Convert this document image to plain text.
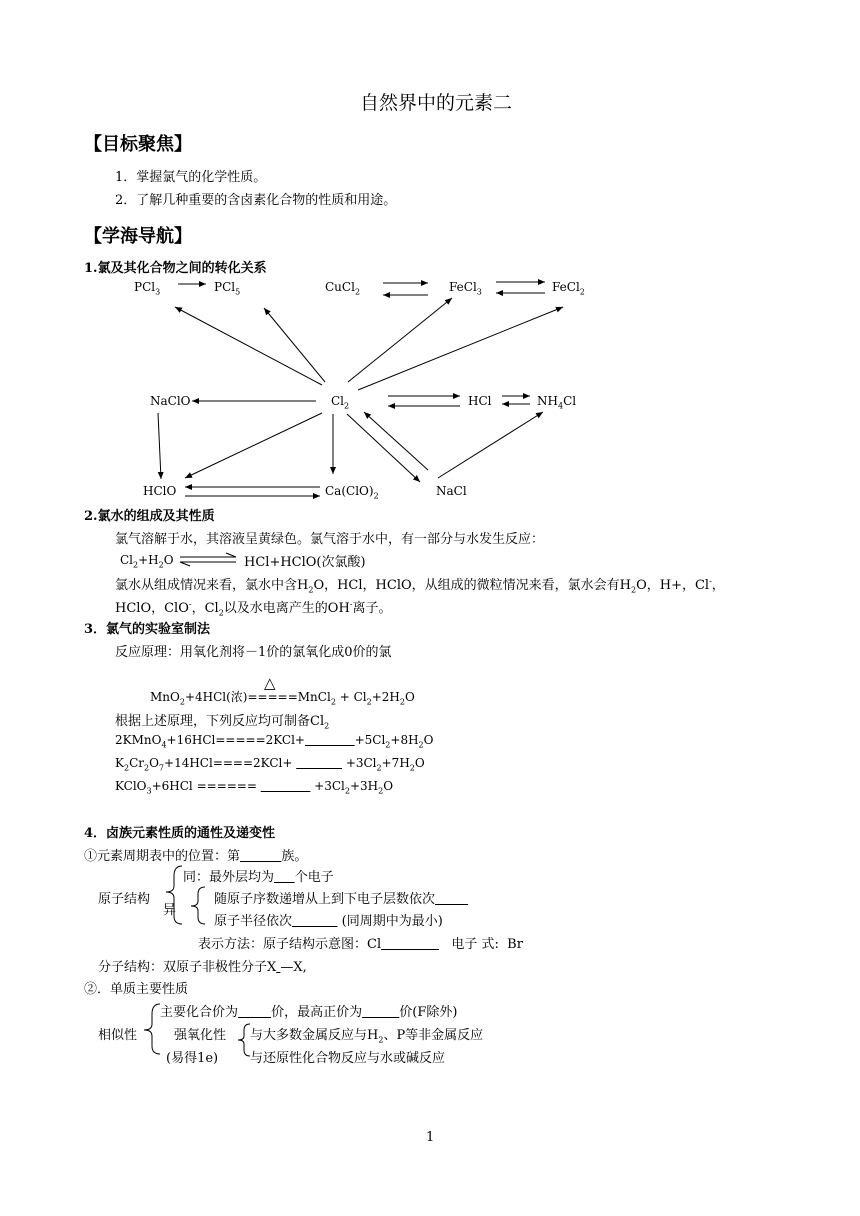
自然界中的元素二
【目标聚焦】
1．掌握氯气的化学性质。
2．了解几种重要的含卤素化合物的性质和用途。
【学海导航】
1.氯及其化合物之间的转化关系
PCl$_3$	PCl$_5$	CuCl$_2$	FeCl$_3$	FeCl$_2$
NaClO	$Cl_2$	HCl	$NH_4Cl$
HClO	$Ca(ClO)_2$	NaCl
2.氯水的组成及其性质
氯气溶解于水，其溶液呈黄绿色。氯气溶于水中，有一部分与水发生反应：
$Cl_2+H_2O$	HCl+HClO(次氯酸)
氯水从组成情况来看，氯水中含$H_2O$，HCl，HClO，从组成的微粒情况来看，氯水会有$H_2O$，H+，Cl-，
HClO，ClO-，$Cl_2$以及水电离产生的OH-离子。
3．氯气的实验室制法
反应原理：用氧化剂将－1价的氯氧化成0价的氯
△
MnO$_2$+4HCl(浓)=====MnCl$_2$ + $Cl_2+2H_2O$
根据上述原理，下列反应均可制备$Cl_2$
2KMnO$_4$+16HCl=====2KCl+	$+5Cl_2+8H_2O$
$K_2Cr_2O_7+14HCl====2KCl+$	$+3Cl_2+7H_2O$
KClO$_3$+6HCl ======	$+3Cl_2+3H_2O$
4．卤族元素性质的通性及递变性
①元素周期表中的位置：第	族。
同：最外层均为 个电子
原子结构	随原子序数递增从上到下电子层数依次
异
原子半径依次	(同周期中为最小)
表示方法：原子结构示意图：Cl	电子 式:  Br
分子结构：双原子非极性分子X —X,
②．单质主要性质
主要化合价为	价，最高正价为	价(F除外)
相似性	强氧化性 与大多数金属反应与$H_2$、P等非金属反应
(易得1e) 与还原性化合物反应与水或碱反应
1
